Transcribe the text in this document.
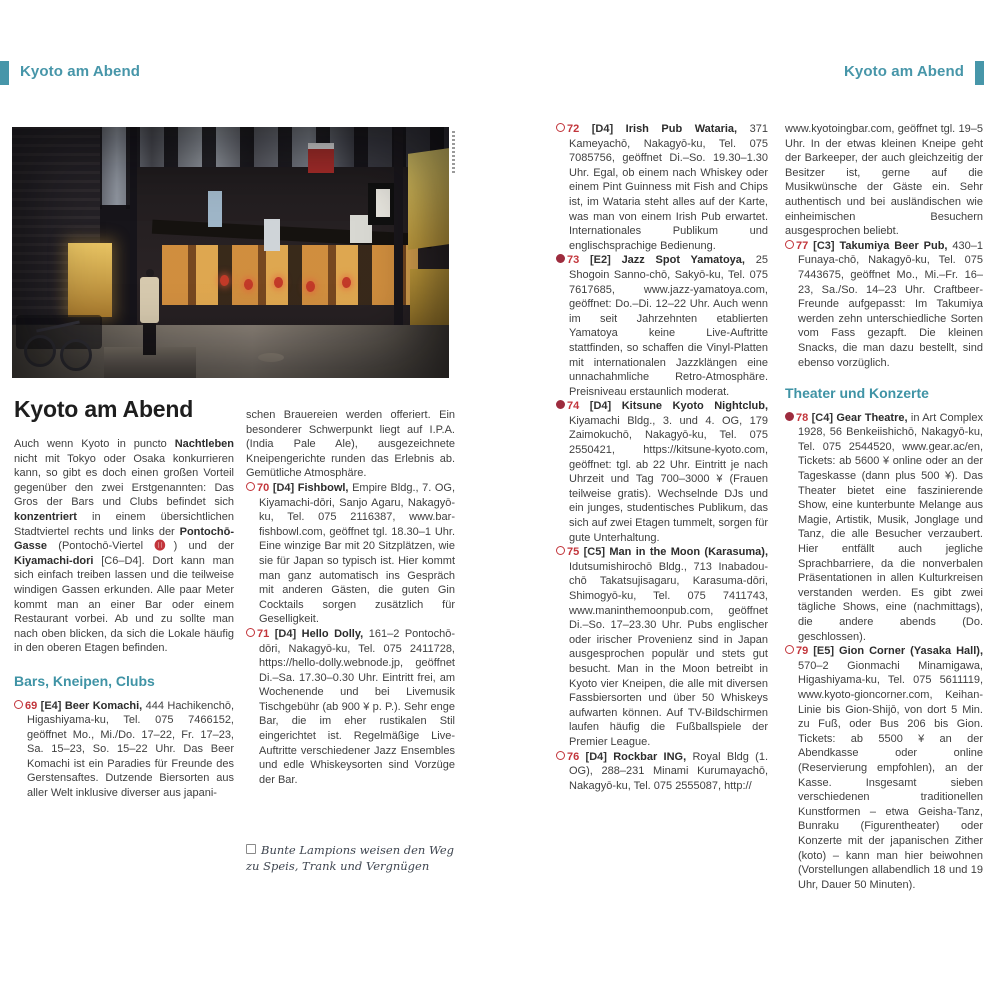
Kyoto am Abend	Kyoto am Abend
Kyoto am Abend

Auch wenn Kyoto in puncto Nachtleben nicht mit Tokyo oder Osaka konkurrieren kann, so gibt es doch einen großen Vorteil gegenüber den zwei Erstgenannten: Das Gros der Bars und Clubs befindet sich konzentriert in einem übersichtlichen Stadtviertel rechts und links der Pontochō-Gasse (Pontochō-Viertel ⓫) und der Kiyamachi-dori [C6–D4]. Dort kann man sich einfach treiben lassen und die teilweise windigen Gassen erkunden. Alle paar Meter kommt man an einer Bar oder einem Restaurant vorbei. Ab und zu sollte man nach oben blicken, da sich die Lokale häufig in den oberen Etagen befinden.

Bars, Kneipen, Clubs

69 [E4] Beer Komachi, 444 Hachikenchō, Higashiyama-ku, Tel. 075 7466152, geöffnet Mo., Mi./Do. 17–22, Fr. 17–23, Sa. 15–23, So. 15–22 Uhr. Das Beer Komachi ist ein Paradies für Freunde des Gerstensaftes. Dutzende Biersorten aus aller Welt inklusive diverser aus japani-

schen Brauereien werden offeriert. Ein besonderer Schwerpunkt liegt auf I.P.A. (India Pale Ale), ausgezeichnete Kneipengerichte runden das Erlebnis ab. Gemütliche Atmosphäre.

70 [D4] Fishbowl, Empire Bldg., 7. OG, Kiyamachi-dōri, Sanjo Agaru, Nakagyō-ku, Tel. 075 2116387, www.bar-fishbowl.com, geöffnet tgl. 18.30–1 Uhr. Eine winzige Bar mit 20 Sitzplätzen, wie sie für Japan so typisch ist. Hier kommt man ganz automatisch ins Gespräch mit anderen Gästen, die guten Gin Cocktails sorgen zusätzlich für Geselligkeit.

71 [D4] Hello Dolly, 161–2 Pontochō-dōri, Nakagyō-ku, Tel. 075 2411728, https://hello-dolly.webnode.jp, geöffnet Di.–Sa. 17.30–0.30 Uhr. Eintritt frei, am Wochenende und bei Livemusik Tischgebühr (ab 900 ¥ p. P.). Sehr enge Bar, die im eher rustikalen Stil eingerichtet ist. Regelmäßige Live-Auftritte verschiedener Jazz Ensembles und edle Whiskeysorten sind Vorzüge der Bar.

Bunte Lampions weisen den Weg zu Speis, Trank und Vergnügen

72 [D4] Irish Pub Wataria, 371 Kameyachō, Nakagyō-ku, Tel. 075 7085756, geöffnet Di.–So. 19.30–1.30 Uhr. Egal, ob einem nach Whiskey oder einem Pint Guinness mit Fish and Chips ist, im Wataria steht alles auf der Karte, was man von einem Irish Pub erwartet. Internationales Publikum und englischsprachige Bedienung.

73 [E2] Jazz Spot Yamatoya, 25 Shogoin Sanno-chō, Sakyō-ku, Tel. 075 7617685, www.jazz-yamatoya.com, geöffnet: Do.–Di. 12–22 Uhr. Auch wenn im seit Jahrzehnten etablierten Yamatoya keine Live-Auftritte stattfinden, so schaffen die Vinyl-Platten mit internationalen Jazzklängen eine unnachahmliche Retro-Atmosphäre. Preisniveau erstaunlich moderat.

74 [D4] Kitsune Kyoto Nightclub, Kiyamachi Bldg., 3. und 4. OG, 179 Zaimokuchō, Nakagyō-ku, Tel. 075 2550421, https://kitsune-kyoto.com, geöffnet: tgl. ab 22 Uhr. Eintritt je nach Uhrzeit und Tag 700–3000 ¥ (Frauen teilweise gratis). Wechselnde DJs und ein junges, studentisches Publikum, das sich auf zwei Etagen tummelt, sorgen für gute Unterhaltung.

75 [C5] Man in the Moon (Karasuma), Idutsumishirochō Bldg., 713 Inabadou-chō Takatsujisagaru, Karasuma-dōri, Shimogyō-ku, Tel. 075 7411743, www.maninthemoonpub.com, geöffnet Di.–So. 17–23.30 Uhr. Pubs englischer oder irischer Provenienz sind in Japan ausgesprochen populär und stets gut besucht. Man in the Moon betreibt in Kyoto vier Kneipen, die alle mit diversen Fassbiersorten und über 50 Whiskeys aufwarten können. Auf TV-Bildschirmen laufen häufig die Fußballspiele der Premier League.

76 [D4] Rockbar ING, Royal Bldg (1. OG), 288–231 Minami Kurumayachō, Nakagyō-ku, Tel. 075 2555087, http://

www.kyotoingbar.com, geöffnet tgl. 19–5 Uhr. In der etwas kleinen Kneipe geht der Barkeeper, der auch gleichzeitig der Besitzer ist, gerne auf die Musikwünsche der Gäste ein. Sehr authentisch und bei ausländischen wie einheimischen Besuchern ausgesprochen beliebt.

77 [C3] Takumiya Beer Pub, 430–1 Funaya-chō, Nakagyō-ku, Tel. 075 7443675, geöffnet Mo., Mi.–Fr. 16–23, Sa./So. 14–23 Uhr. Craftbeer-Freunde aufgepasst: Im Takumiya werden zehn unterschiedliche Sorten vom Fass gezapft. Die kleinen Snacks, die man dazu bestellt, sind ebenso vorzüglich.

Theater und Konzerte

78 [C4] Gear Theatre, in Art Complex 1928, 56 Benkeiishichō, Nakagyō-ku, Tel. 075 2544520, www.gear.ac/en, Tickets: ab 5600 ¥ online oder an der Tageskasse (dann plus 500 ¥). Das Theater bietet eine faszinierende Show, eine kunterbunte Melange aus Magie, Artistik, Musik, Jonglage und Tanz, die alle Besucher verzaubert. Hier entfällt auch jegliche Sprachbarriere, da die nonverbalen Präsentationen in allen Kulturkreisen verstanden werden. Es gibt zwei tägliche Shows, eine (nachmittags), die andere abends (Do. geschlossen).

79 [E5] Gion Corner (Yasaka Hall), 570–2 Gionmachi Minamigawa, Higashiyama-ku, Tel. 075 5611119, www.kyoto-gioncorner.com, Keihan-Linie bis Gion-Shijō, von dort 5 Min. zu Fuß, oder Bus 206 bis Gion. Tickets: ab 5500 ¥ an der Abendkasse oder online (Reservierung empfohlen), an der Kasse. Insgesamt sieben verschiedenen traditionellen Kunstformen – etwa Geisha-Tanz, Bunraku (Figurentheater) oder Konzerte mit der japanischen Zither (koto) – kann man hier beiwohnen (Vorstellungen allabendlich 18 und 19 Uhr, Dauer 50 Minuten).
